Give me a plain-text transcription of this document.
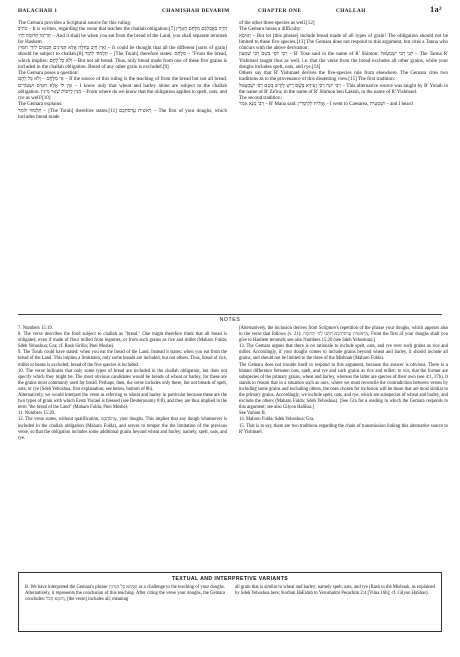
HALACHAH 1	CHAMISHAH DEVARIM	CHAPTER ONE	CHALLAH	1a²

The Gemara provides a Scriptural source for this ruling:

כתיב – It is written, regarding the verse that teaches the challah obligation:[7] וְהָיָה בַּאֲכָלְכֶם מִלֶּחֶם הָאָרֶץ תָּרִימוּ תְרוּמָה לַה׳ – And it shall be when you eat from the bread of the Land, you shall separate terumah for Hashem.

וְאֵין חַיָּב בְּחַלָּה אֶלָּא הַמִּינִים הַבָּאִים לִידֵי חִמּוּץ – It could be thought that all the different [sorts of grain] should be subject to challah.[8] תַּלְמוּד לוֹמַר – [The Torah] therefore states: מִלֶּחֶם – "From the bread, which implies: וְלֹא כָּל לֶחֶם – But not all bread. Thus, only bread made from one of these five grains is included in the challah obligation. Bread of any other grain is excluded.[9]

The Gemara poses a question:

אִי מִלֶּחֶם – וְלֹא כָּל לֶחֶם – If the source of this ruling is the teaching of from the bread but not all bread, אֵין לִי אֶלָּא חִטִּים וּשְׂעוֹרִים – I know only that wheat and barley alone are subject to the challah obligation. מִנַּיִן לְרַבּוֹת שְׁאָר מִינִין – From where do we know that the obligation applies to spelt, oats, and rye as well?[10]

The Gemara explains:

תַּלְמוּד לוֹמַר – [The Torah] therefore states:[11] רֵאשִׁית עֲרִסֹתֵכֶם – The first of your doughs, which includes bread made

of the other three species as well.[12]

The Gemara raises a difficulty:

וְאֵימָא – But let [this phrase] include bread made of all types of grain! The obligation should not be limited to these five species.[13] The Gemara does not respond to this argument, but cites a Tanna who concurs with the above derivation:

רַבִּי יוֹסֵי בְּשֵׁם רַבִּי שִׁמְעוֹן – R' Yose said in the name of R' Shimon: תָּנֵי רַבִּי יִשְׁמָעֵאל – The Tanna R' Yishmael taught thus as well, i.e. that the verse from the bread excludes all other grains, while your doughs includes spelt, oats, and rye.[14]

Others say that R' Yishmael derives the five-species rule from elsewhere. The Gemara cites two traditions as to the provenance of this dissenting view.[15] The first tradition:

רַבִּי יוֹנָה רַבִּי זְעִירָא בְּשֵׁם רֵישׁ לָקִישׁ בְּשֵׁם רַבִּי יִשְׁמָעֵאל – This alternative source was taught by R' Yonah in the name of R' Ze'ira, in the name of R' Shimon ben Lakish, in the name of R' Yishmael.

The second tradition:

רַבִּי מָנָא אָמַר – R' Mana said: אֲזָלִית לְקִיסָרִין – I went to Caesarea, וּשְׁמָעִית – and I heard

NOTES

7. Numbers 15:19.

8. The verse describes the food subject to challah as "bread." One might therefore think that all bread is obligated, even if made of flour milled from legumes, or from such grains as rice and millet (Maharo Fulda; Sdeh Yehoshua; Gra; cf. Rash Sirilio; Pnei Moshe).

9. The Torah could have stated: when you eat the bread of the Land. Instead it states: when you eat from the bread of the Land. This implies a limitation; only some breads are included, but not others. Thus, bread of rice, millet or beans is excluded; bread of the five species is included.

10. The verse indicates that only some types of bread are included in the challah obligation, but does not specify which they might be. The most obvious candidates would be breads of wheat or barley, for these are the grains most commonly used for bread. Perhaps, then, the verse includes only these, but not breads of spelt, oats, or rye (Sdeh Yehoshua, first explanation; see below, bottom of 8b).

Alternatively, we would interpret the verse as referring to wheat and barley in particular because these are the two types of grain with which Eretz Yisrael is blessed (see Deuteronomy 8:8), and they are thus implied in the term "the bread of the Land" (Maharo Fulda; Pnei Moshe).

11. Numbers 15:20.

12. The verse states, without qualification, עֲרִסֹתֵכֶם, your doughs. This implies that any dough whatsoever is included in the challah obligation (Maharo Fulda), and serves to temper the the limitation of the previous verse, so that the obligation includes some additional grains beyond wheat and barley; namely, spelt, oats, and rye.

[Alternatively, the inclusion derives from Scripture's repetition of the phrase your doughs, which appears also in the verse that follows (v. 21): מֵרֵאשִׁית עֲרִסֹתֵיכֶם תִּתְּנוּ לַה׳ תְּרוּמָה, From the first of your doughs shall you give to Hashem terumah; see also Numbers 15:20 (see Sdeh Yehoshua).]

13. The Gemara argues that there is no rationale to include spelt, oats, and rye over such grains as rice and millet. Accordingly, if your doughs comes to include grains beyond wheat and barley, it should include all grains, and should not be limited to the three of the Mishnah (Maharo Fulda).

The Gemara does not trouble itself to respond to this argument, because the answer is obvious. There is a blatant difference between oats, spelt, and rye and such grains as rice and millet; to wit, that the former are subspecies of the primary grains, wheat and barley, whereas the latter are species of their own (see 4:1, 37b). It stands to reason that in a situation such as ours, where we must reconcile the contradiction between verses by including some grains and excluding others, the ones chosen for inclusion will be those that are most similar to the primary grains. Accordingly, we include spelt, oats, and rye, which are subspecies of wheat and barley, and exclude the others (Maharo Fulda; Sdeh Yehoshua). [See Gra for a reading in which the Gemara responds to this argument; see also Gilyon HaShas.]

See Variant B.

14. Maharo Fulda; Sdeh Yehoshua; Gra.

15. That is to say, there are two traditions regarding the chain of transmission linking this alternative source to R' Yishmael.

TEXTUAL AND INTERPRETIVE VARIANTS

B. We have interpreted the Gemara's phrase וְאֵימָא כָּל הַמִּינִין as a challenge to the teaching of your doughs. Alternatively, it represents the conclusion of this teaching. After citing the verse your doughs, the Gemara concludes: וְהוּבָא הַכֹּל, [the verse] includes all; meaning

all grain that is similar to wheat and barley; namely spelt, oats, and rye (Rash to the Mishnah, as explained by Sdeh Yehoshua here; Korban HaEidah to Yerushalmi Pesachim 2:4 [Vilna 16b]; cf. Gilyon HaShas).
